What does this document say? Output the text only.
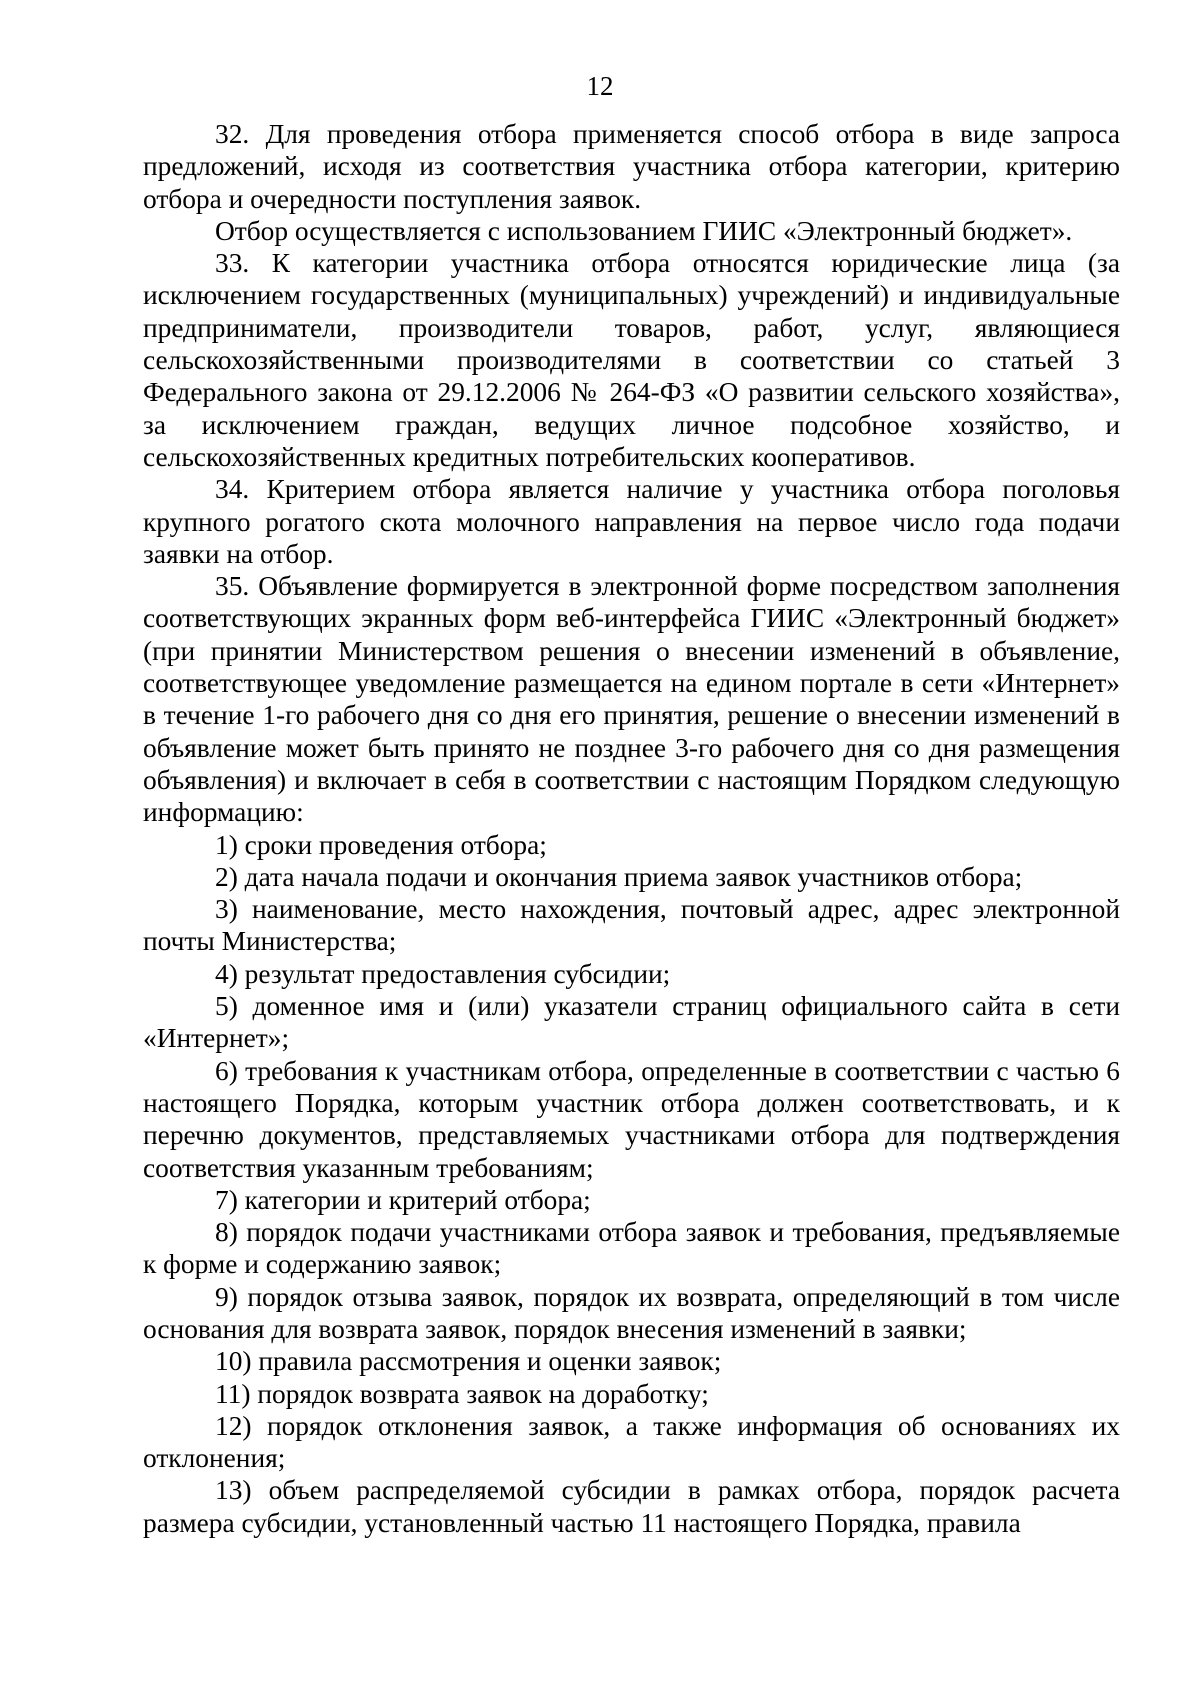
12

32. Для проведения отбора применяется способ отбора в виде запроса предложений, исходя из соответствия участника отбора категории, критерию отбора и очередности поступления заявок.

Отбор осуществляется с использованием ГИИС «Электронный бюджет».

33. К категории участника отбора относятся юридические лица (за исключением государственных (муниципальных) учреждений) и индивидуальные предприниматели, производители товаров, работ, услуг, являющиеся сельскохозяйственными производителями в соответствии со статьей 3 Федерального закона от 29.12.2006 № 264-ФЗ «О развитии сельского хозяйства», за исключением граждан, ведущих личное подсобное хозяйство, и сельскохозяйственных кредитных потребительских кооперативов.

34. Критерием отбора является наличие у участника отбора поголовья крупного рогатого скота молочного направления на первое число года подачи заявки на отбор.

35. Объявление формируется в электронной форме посредством заполнения соответствующих экранных форм веб-интерфейса ГИИС «Электронный бюджет» (при принятии Министерством решения о внесении изменений в объявление, соответствующее уведомление размещается на едином портале в сети «Интернет» в течение 1-го рабочего дня со дня его принятия, решение о внесении изменений в объявление может быть принято не позднее 3-го рабочего дня со дня размещения объявления) и включает в себя в соответствии с настоящим Порядком следующую информацию:

1) сроки проведения отбора;

2) дата начала подачи и окончания приема заявок участников отбора;

3) наименование, место нахождения, почтовый адрес, адрес электронной почты Министерства;

4) результат предоставления субсидии;

5) доменное имя и (или) указатели страниц официального сайта в сети «Интернет»;

6) требования к участникам отбора, определенные в соответствии с частью 6 настоящего Порядка, которым участник отбора должен соответствовать, и к перечню документов, представляемых участниками отбора для подтверждения соответствия указанным требованиям;

7) категории и критерий отбора;

8) порядок подачи участниками отбора заявок и требования, предъявляемые к форме и содержанию заявок;

9) порядок отзыва заявок, порядок их возврата, определяющий в том числе основания для возврата заявок, порядок внесения изменений в заявки;

10) правила рассмотрения и оценки заявок;

11) порядок возврата заявок на доработку;

12) порядок отклонения заявок, а также информация об основаниях их отклонения;

13) объем распределяемой субсидии в рамках отбора, порядок расчета размера субсидии, установленный частью 11 настоящего Порядка, правила
